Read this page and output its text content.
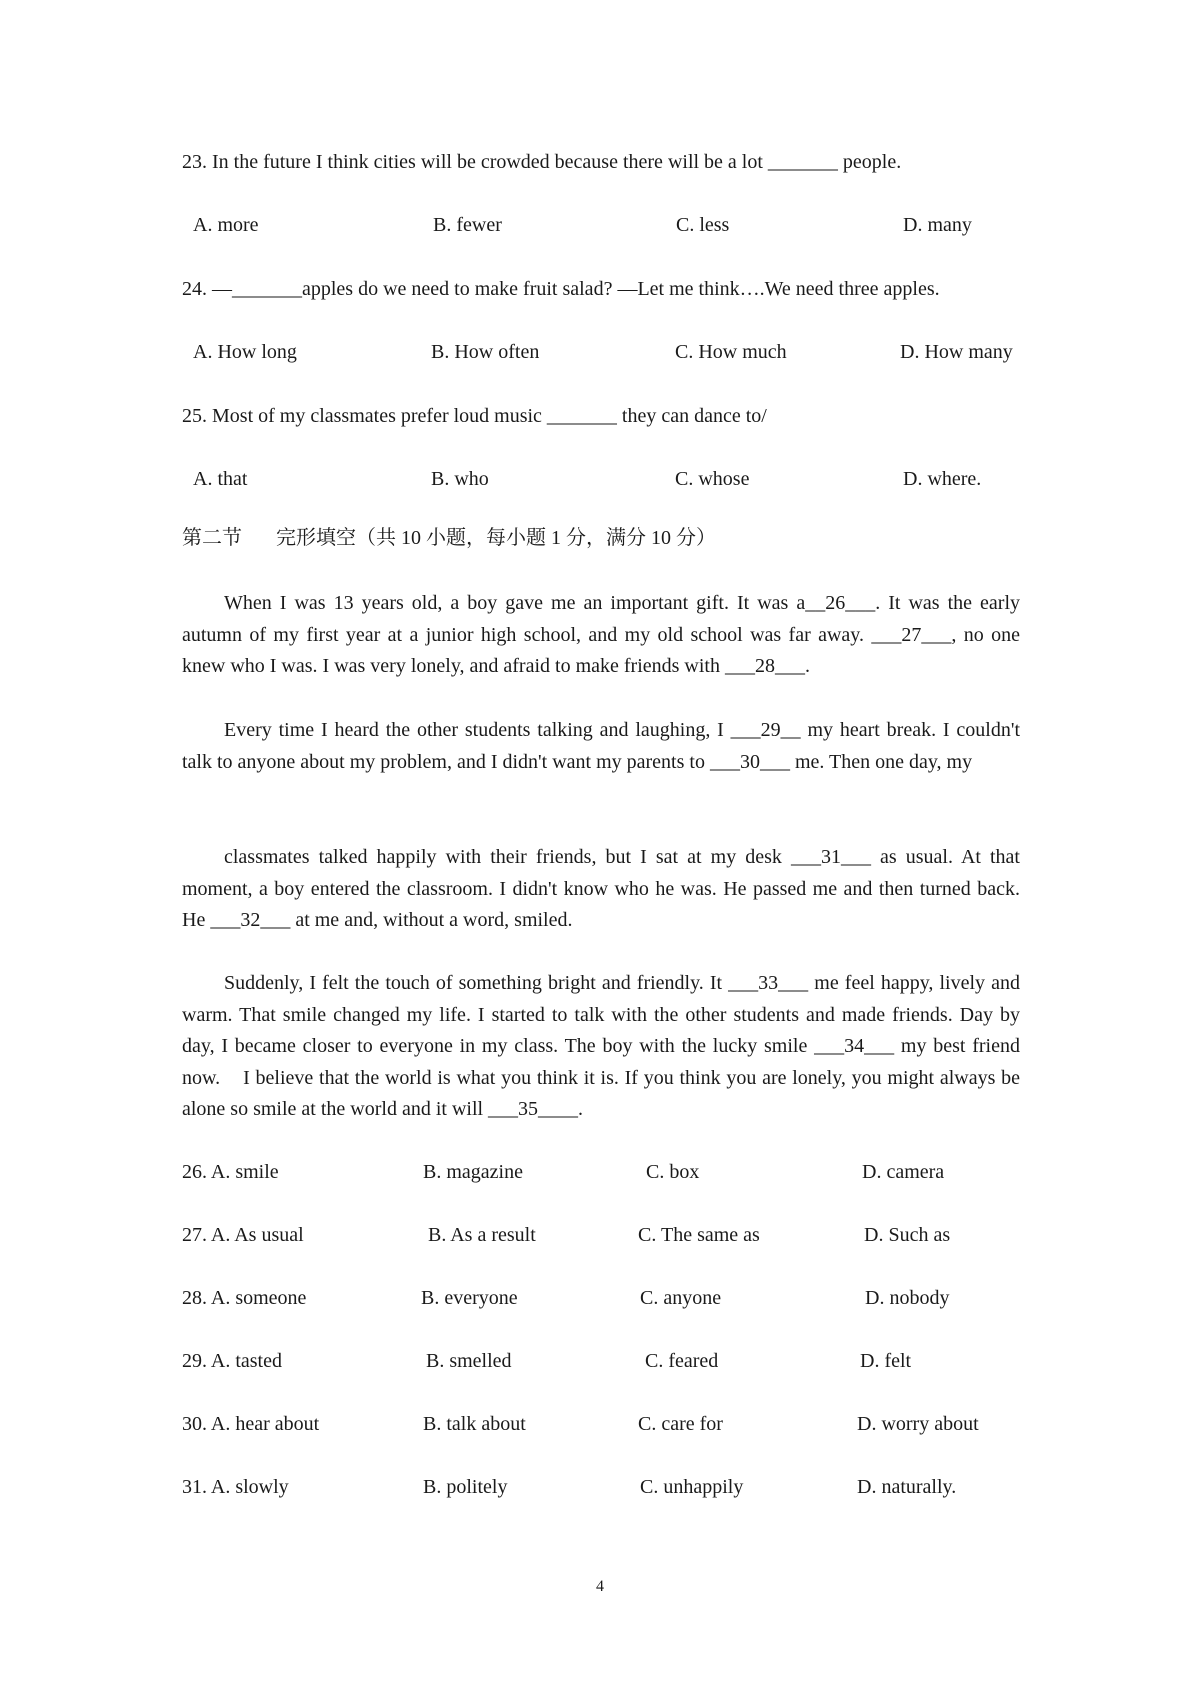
23. In the future I think cities will be crowded because there will be a lot _______ people.
A. more	B. fewer	C. less	D. many
24. —_______apples do we need to make fruit salad? —Let me think….We need three apples.
A. How long	B. How often	C. How much	D. How many
25. Most of my classmates prefer loud music _______ they can dance to/
A. that	B. who	C. whose	D. where.
第二节 完形填空（共 10 小题，每小题 1 分，满分 10 分）
When I was 13 years old, a boy gave me an important gift. It was a__26___. It was the early autumn of my first year at a junior high school, and my old school was far away. ___27___, no one knew who I was. I was very lonely, and afraid to make friends with ___28___.
Every time I heard the other students talking and laughing, I ___29__ my heart break. I couldn't talk to anyone about my problem, and I didn't want my parents to ___30___ me. Then one day, my
classmates talked happily with their friends, but I sat at my desk ___31___ as usual. At that moment, a boy entered the classroom. I didn't know who he was. He passed me and then turned back. He ___32___ at me and, without a word, smiled.
Suddenly, I felt the touch of something bright and friendly. It ___33___ me feel happy, lively and warm. That smile changed my life. I started to talk with the other students and made friends. Day by day, I became closer to everyone in my class. The boy with the lucky smile ___34___ my best friend now.    I believe that the world is what you think it is. If you think you are lonely, you might always be alone so smile at the world and it will ___35____.
26. A. smile	B. magazine	C. box	D. camera
27. A. As usual	B. As a result	C. The same as	D. Such as
28. A. someone	B. everyone	C. anyone	D. nobody
29. A. tasted	B. smelled	C. feared	D. felt
30. A. hear about	B. talk about	C. care for	D. worry about
31. A. slowly	B. politely	C. unhappily	D. naturally.
4
